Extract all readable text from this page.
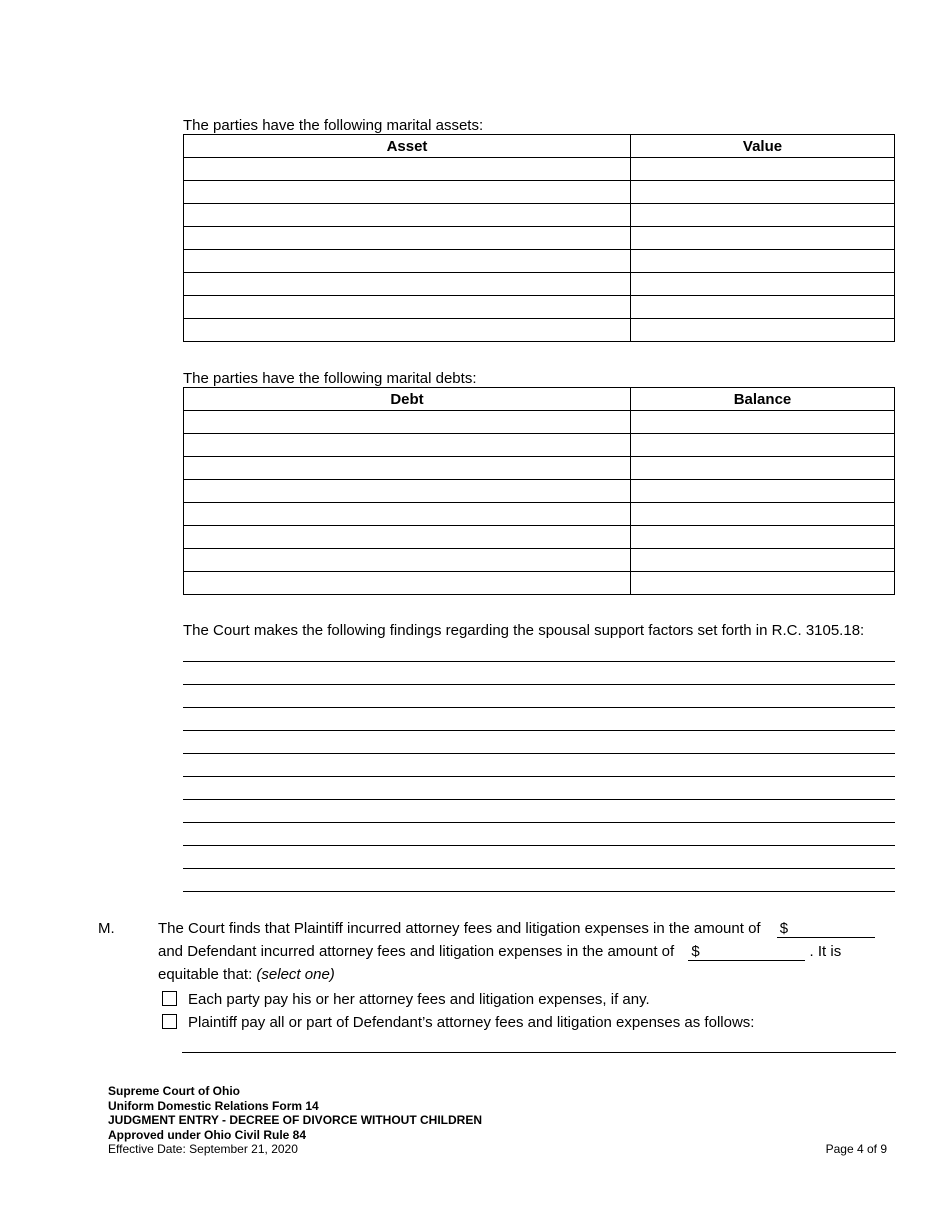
The parties have the following marital assets:
Asset	Value

The parties have the following marital debts:
Debt	Balance

The Court makes the following findings regarding the spousal support factors set forth in R.C. 3105.18:
M.	The Court finds that Plaintiff incurred attorney fees and litigation expenses in the amount of $
and Defendant incurred attorney fees and litigation expenses in the amount of $	. It is
equitable that: (select one)
Each party pay his or her attorney fees and litigation expenses, if any.
Plaintiff pay all or part of Defendant’s attorney fees and litigation expenses as follows:
Supreme Court of Ohio
Uniform Domestic Relations Form 14
JUDGMENT ENTRY - DECREE OF DIVORCE WITHOUT CHILDREN
Approved under Ohio Civil Rule 84
Effective Date: September 21, 2020	Page 4 of 9
